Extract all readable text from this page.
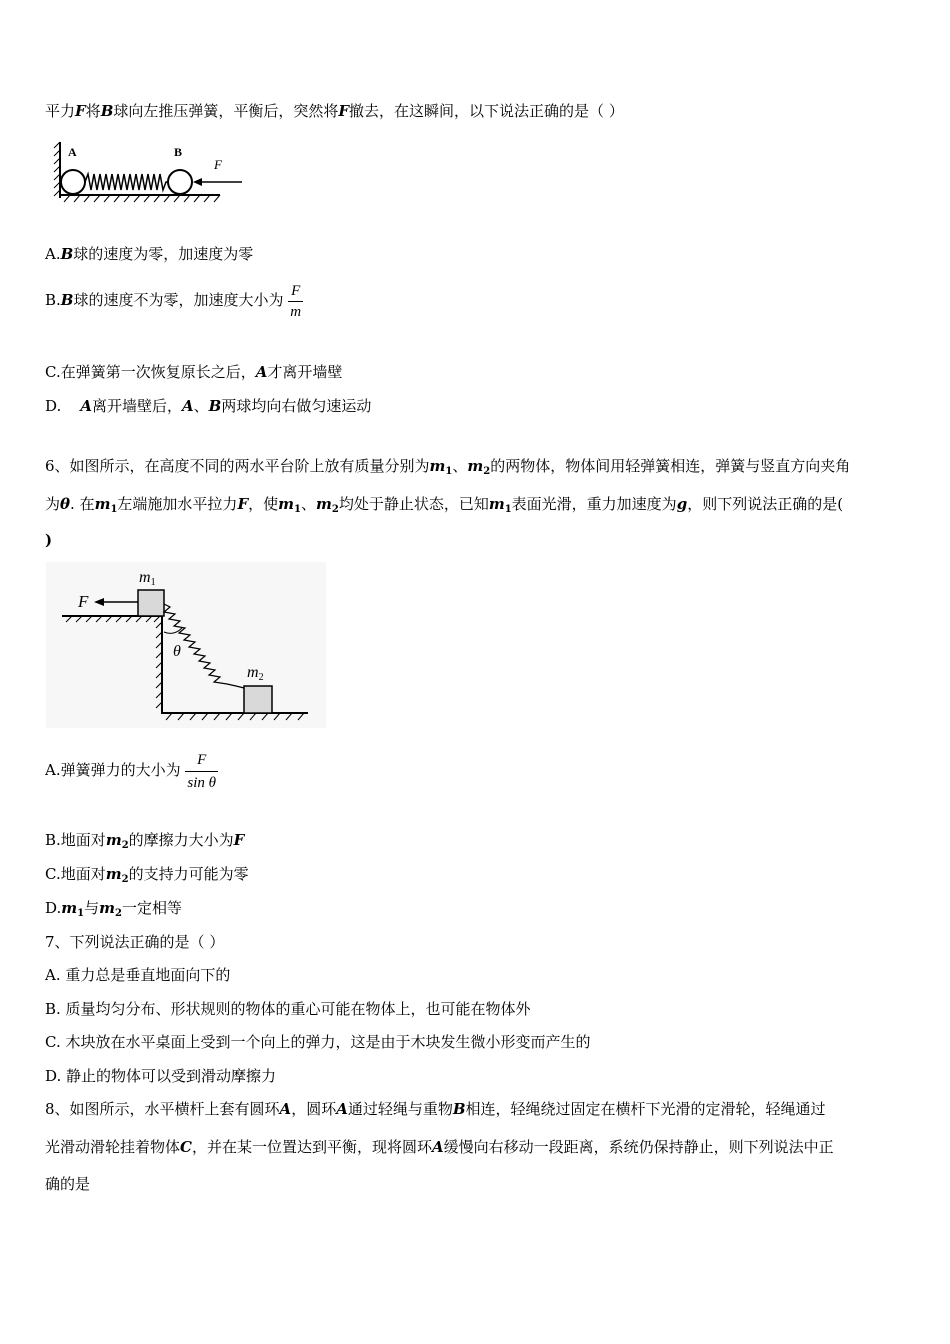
平力F将B球向左推压弹簧，平衡后，突然将F撤去，在这瞬间，以下说法正确的是（ ）
A	B
F
A.B球的速度为零，加速度为零
B.B球的速度不为零，加速度大小为 $\frac{F}{m}$
C.在弹簧第一次恢复原长之后，A才离开墙壁
D. A离开墙壁后，A、B两球均向右做匀速运动
6、如图所示，在高度不同的两水平台阶上放有质量分别为$m_1$、$m_2$的两物体，物体间用轻弹簧相连，弹簧与竖直方向夹角
为θ. 在$m_1$左端施加水平拉力F，使$m_1$、$m_2$均处于静止状态，已知$m_1$表面光滑，重力加速度为g，则下列说法正确的是(
)
F
m1
m2
θ
A.弹簧弹力的大小为 $\frac{F}{\text{sin θ}}$
B.地面对$m_2$的摩擦力大小为F
C.地面对$m_2$的支持力可能为零
$D.m_1$与$m_2$一定相等
7、下列说法正确的是（ ）
A. 重力总是垂直地面向下的
B. 质量均匀分布、形状规则的物体的重心可能在物体上，也可能在物体外
C. 木块放在水平桌面上受到一个向上的弹力，这是由于木块发生微小形变而产生的
D. 静止的物体可以受到滑动摩擦力
8、如图所示，水平横杆上套有圆环A，圆环A通过轻绳与重物B相连，轻绳绕过固定在横杆下光滑的定滑轮，轻绳通过
光滑动滑轮挂着物体C，并在某一位置达到平衡，现将圆环A缓慢向右移动一段距离，系统仍保持静止，则下列说法中正
确的是
